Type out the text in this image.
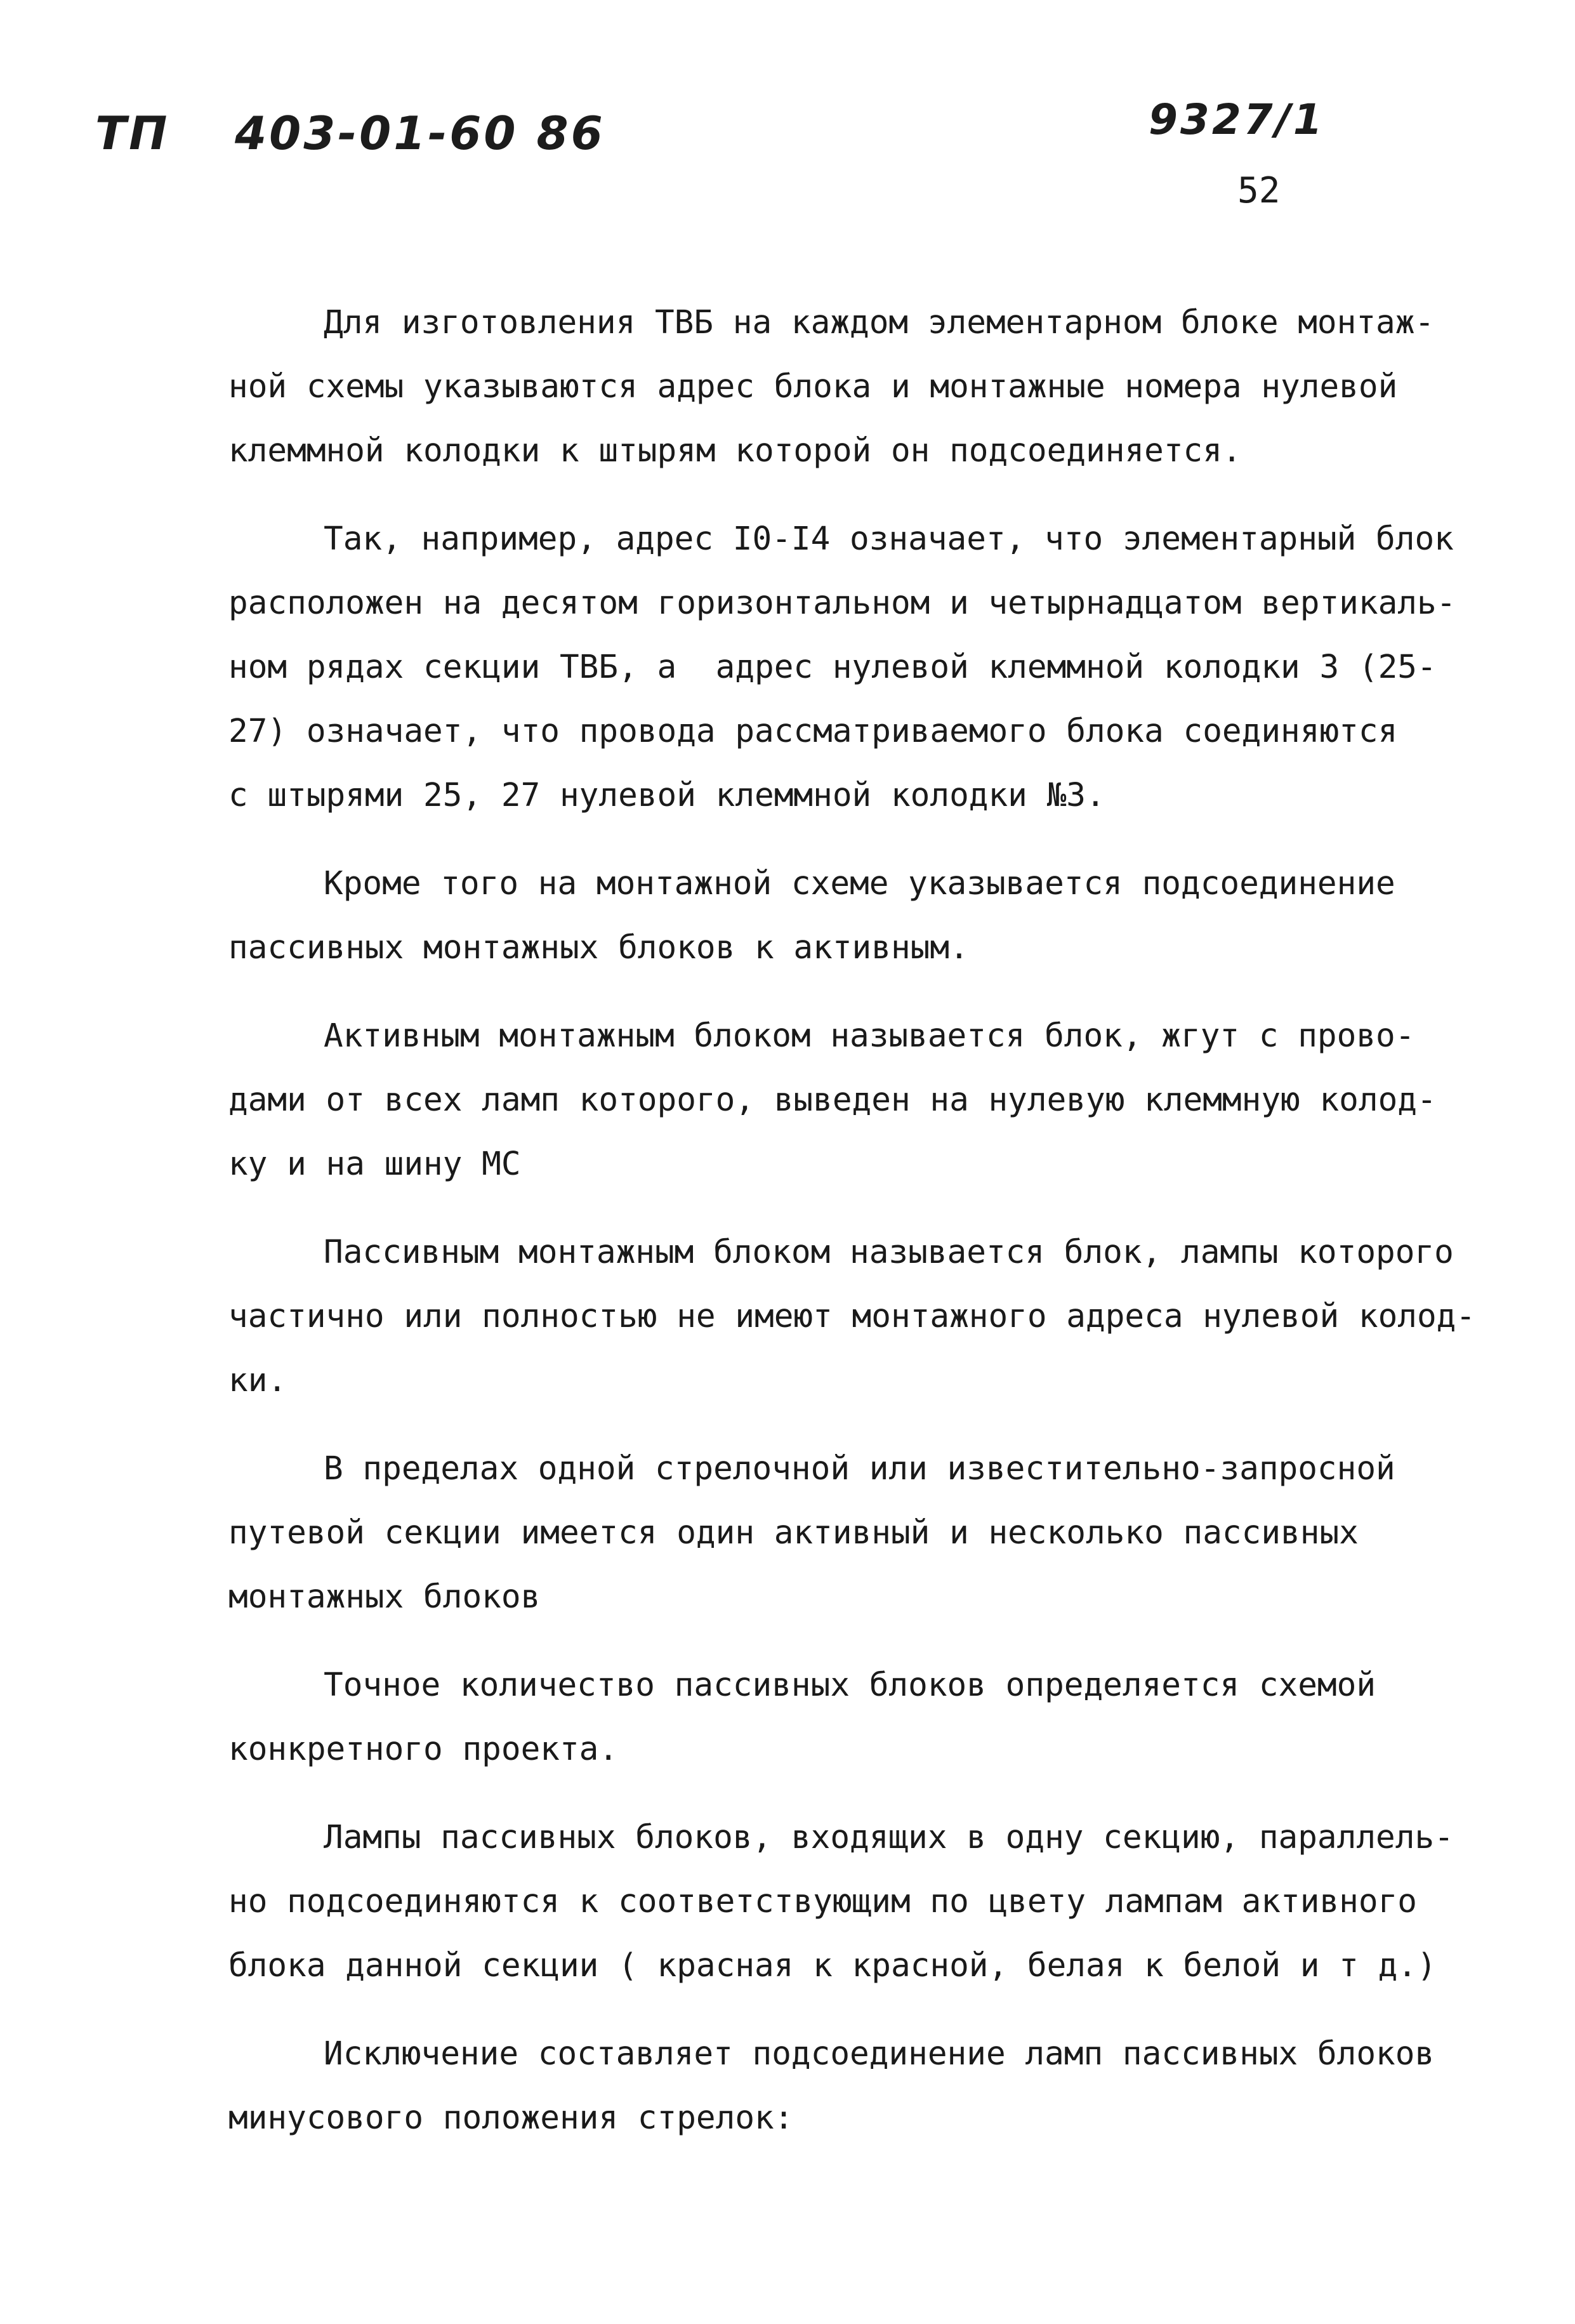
ТП 403-01-60 86	9327/1
52
Для изготовления ТВБ на каждом элементарном блоке монтаж-
ной схемы указываются адрес блока и монтажные номера нулевой
клеммной колодки к штырям которой он подсоединяется.
Так, например, адрес I0-I4 означает, что элементарный блок
расположен на десятом горизонтальном и четырнадцатом вертикаль-
ном рядах секции ТВБ, а  адрес нулевой клеммной колодки 3 (25-
27) означает, что провода рассматриваемого блока соединяются
с штырями 25, 27 нулевой клеммной колодки №3.
Кроме того на монтажной схеме указывается подсоединение
пассивных монтажных блоков к активным.
Активным монтажным блоком называется блок, жгут с прово-
дами от всех ламп которого, выведен на нулевую клеммную колод-
ку и на шину МС
Пассивным монтажным блоком называется блок, лампы которого
частично или полностью не имеют монтажного адреса нулевой колод-
ки.
В пределах одной стрелочной или известительно-запросной
путевой секции имеется один активный и несколько пассивных
монтажных блоков
Точное количество пассивных блоков определяется схемой
конкретного проекта.
Лампы пассивных блоков, входящих в одну секцию, параллель-
но подсоединяются к соответствующим по цвету лампам активного
блока данной секции ( красная к красной, белая к белой и т д.)
Исключение составляет подсоединение ламп пассивных блоков
минусового положения стрелок:
